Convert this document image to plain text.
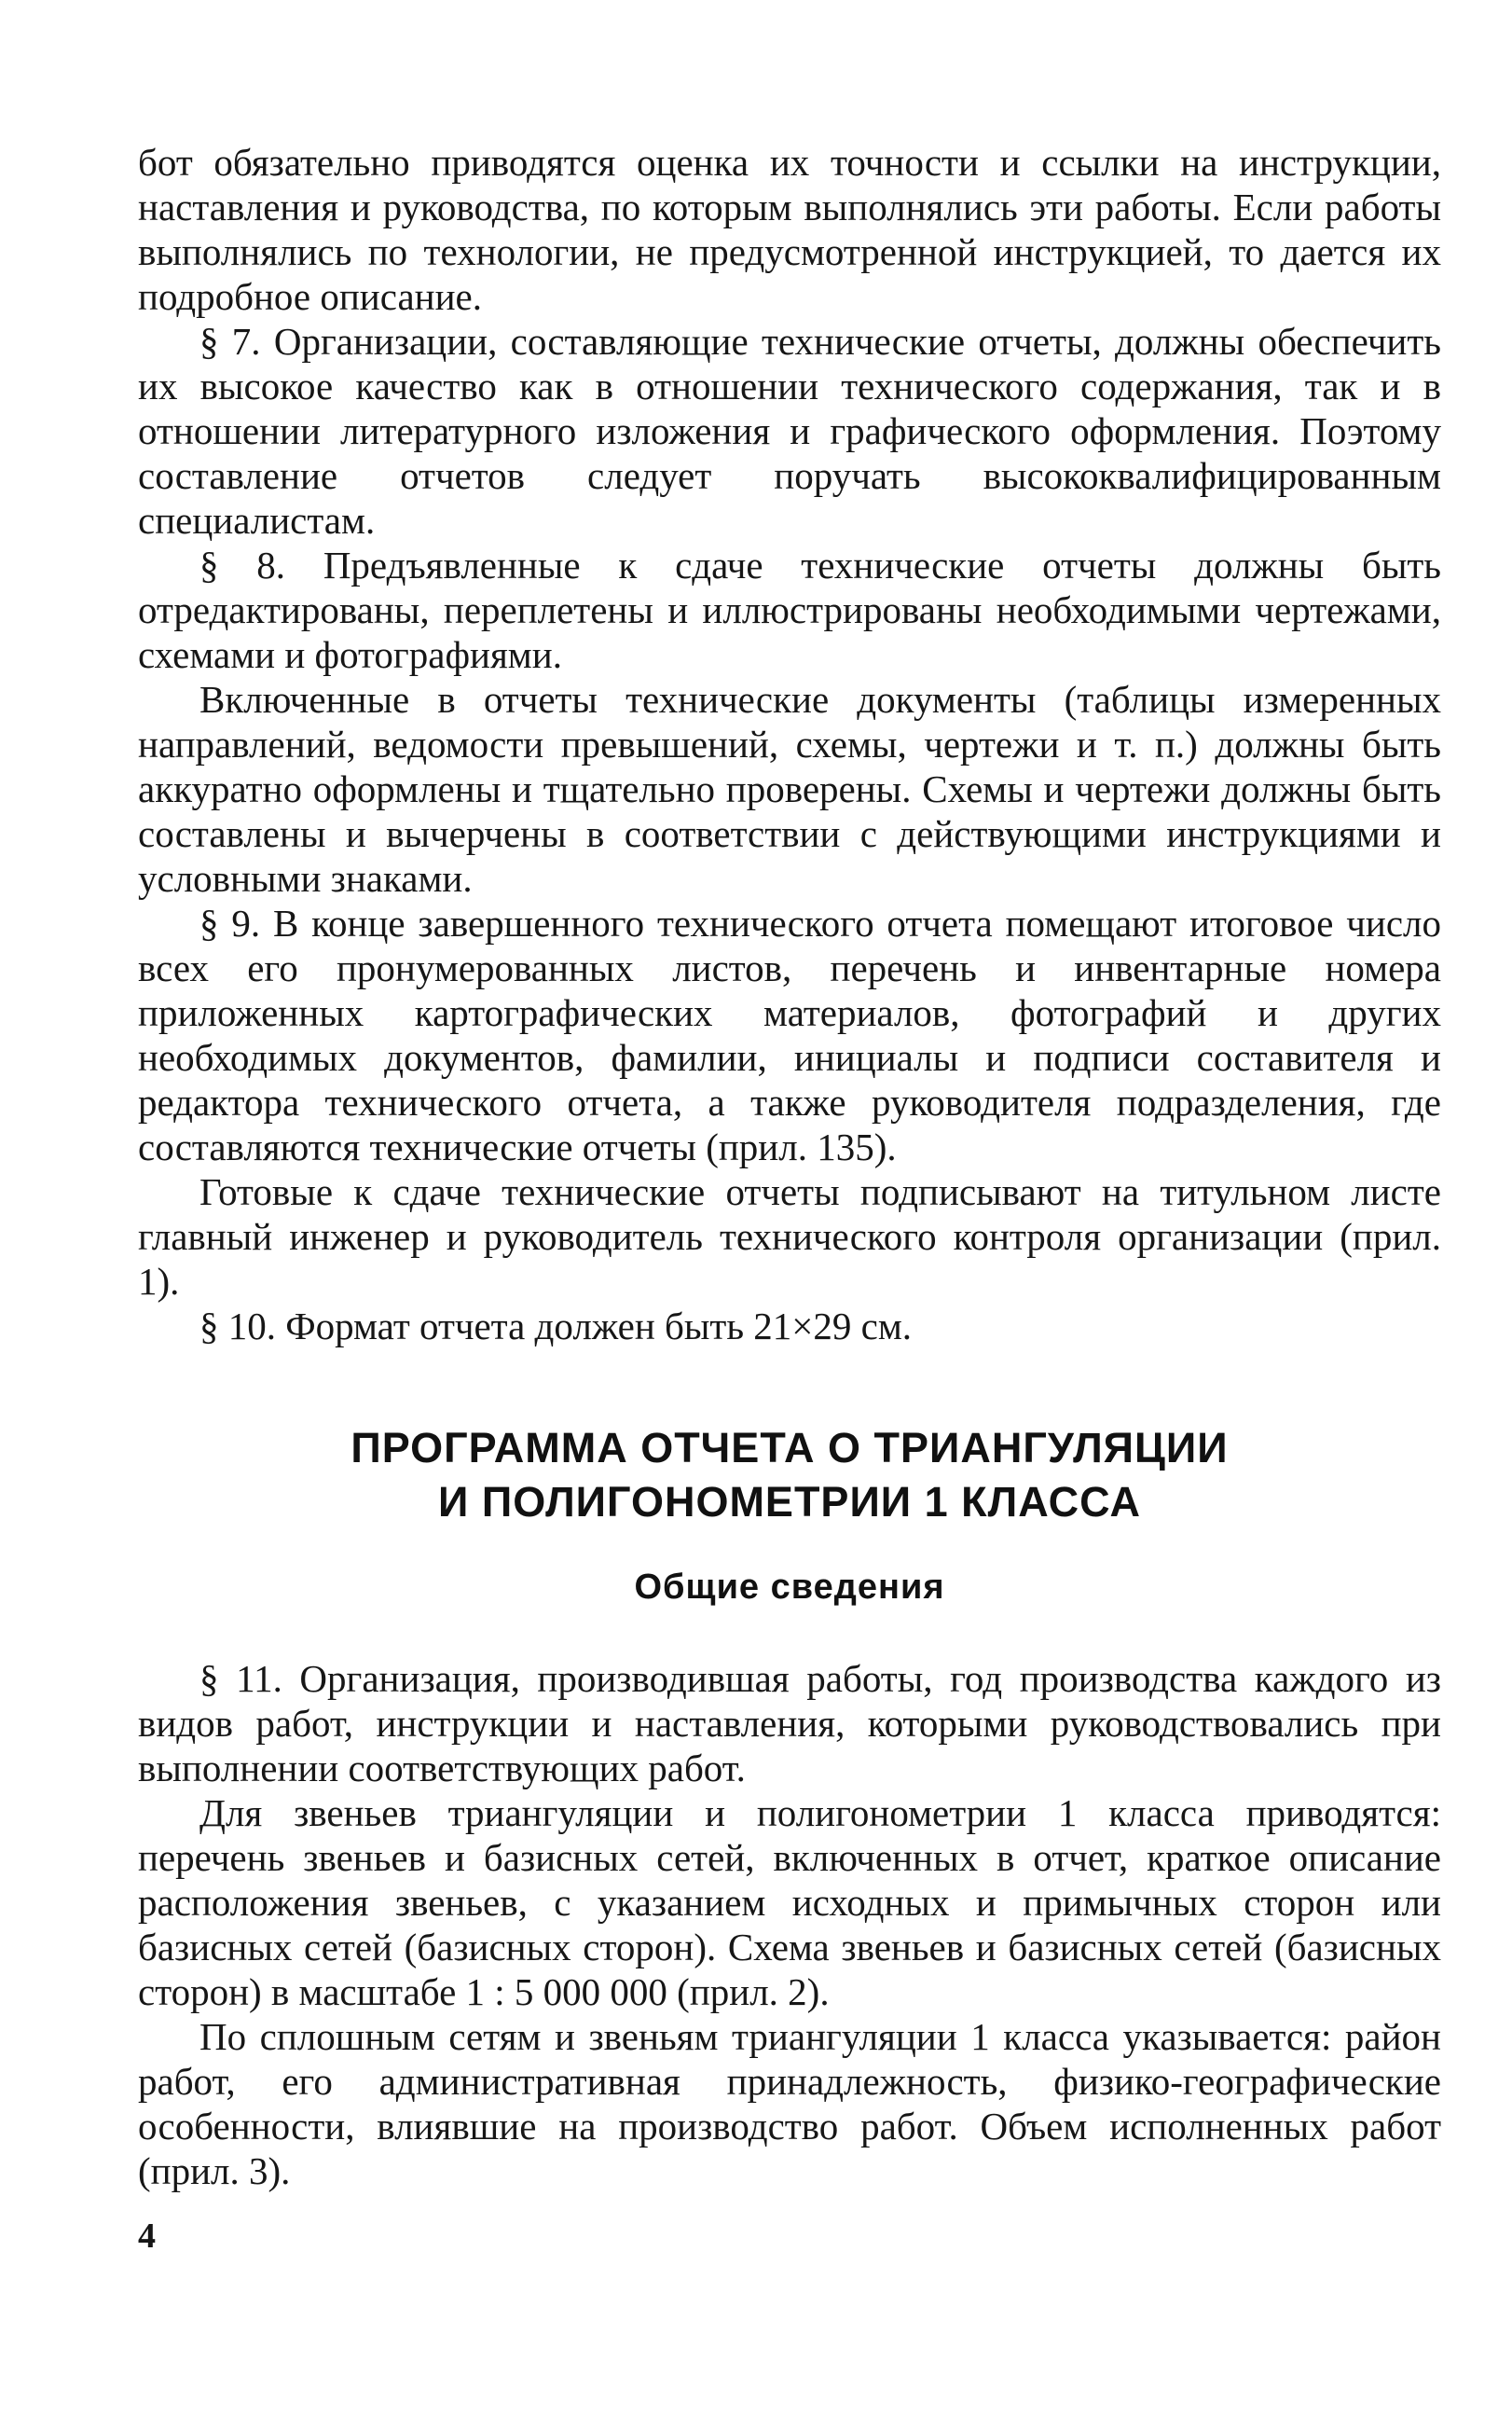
бот обязательно приводятся оценка их точности и ссылки на инструкции, наставления и руководства, по которым выполнялись эти работы. Если работы выполнялись по технологии, не предусмотренной инструкцией, то дается их подробное описание.

§ 7. Организации, составляющие технические отчеты, должны обеспечить их высокое качество как в отношении технического содержания, так и в отношении литературного изложения и графического оформления. Поэтому составление отчетов следует поручать высококвалифицированным специалистам.

§ 8. Предъявленные к сдаче технические отчеты должны быть отредактированы, переплетены и иллюстрированы необходимыми чертежами, схемами и фотографиями.

Включенные в отчеты технические документы (таблицы измеренных направлений, ведомости превышений, схемы, чертежи и т. п.) должны быть аккуратно оформлены и тщательно проверены. Схемы и чертежи должны быть составлены и вычерчены в соответствии с действующими инструкциями и условными знаками.

§ 9. В конце завершенного технического отчета помещают итоговое число всех его пронумерованных листов, перечень и инвентарные номера приложенных картографических материалов, фотографий и других необходимых документов, фамилии, инициалы и подписи составителя и редактора технического отчета, а также руководителя подразделения, где составляются технические отчеты (прил. 135).

Готовые к сдаче технические отчеты подписывают на титульном листе главный инженер и руководитель технического контроля организации (прил. 1).

§ 10. Формат отчета должен быть 21×29 см.

ПРОГРАММА ОТЧЕТА О ТРИАНГУЛЯЦИИ
И ПОЛИГОНОМЕТРИИ 1 КЛАССА
Общие сведения

§ 11. Организация, производившая работы, год производства каждого из видов работ, инструкции и наставления, которыми руководствовались при выполнении соответствующих работ.

Для звеньев триангуляции и полигонометрии 1 класса приводятся: перечень звеньев и базисных сетей, включенных в отчет, краткое описание расположения звеньев, с указанием исходных и примычных сторон или базисных сетей (базисных сторон). Схема звеньев и базисных сетей (базисных сторон) в масштабе 1 : 5 000 000 (прил. 2).

По сплошным сетям и звеньям триангуляции 1 класса указывается: район работ, его административная принадлежность, физико-географические особенности, влиявшие на производство работ. Объем исполненных работ (прил. 3).

4
